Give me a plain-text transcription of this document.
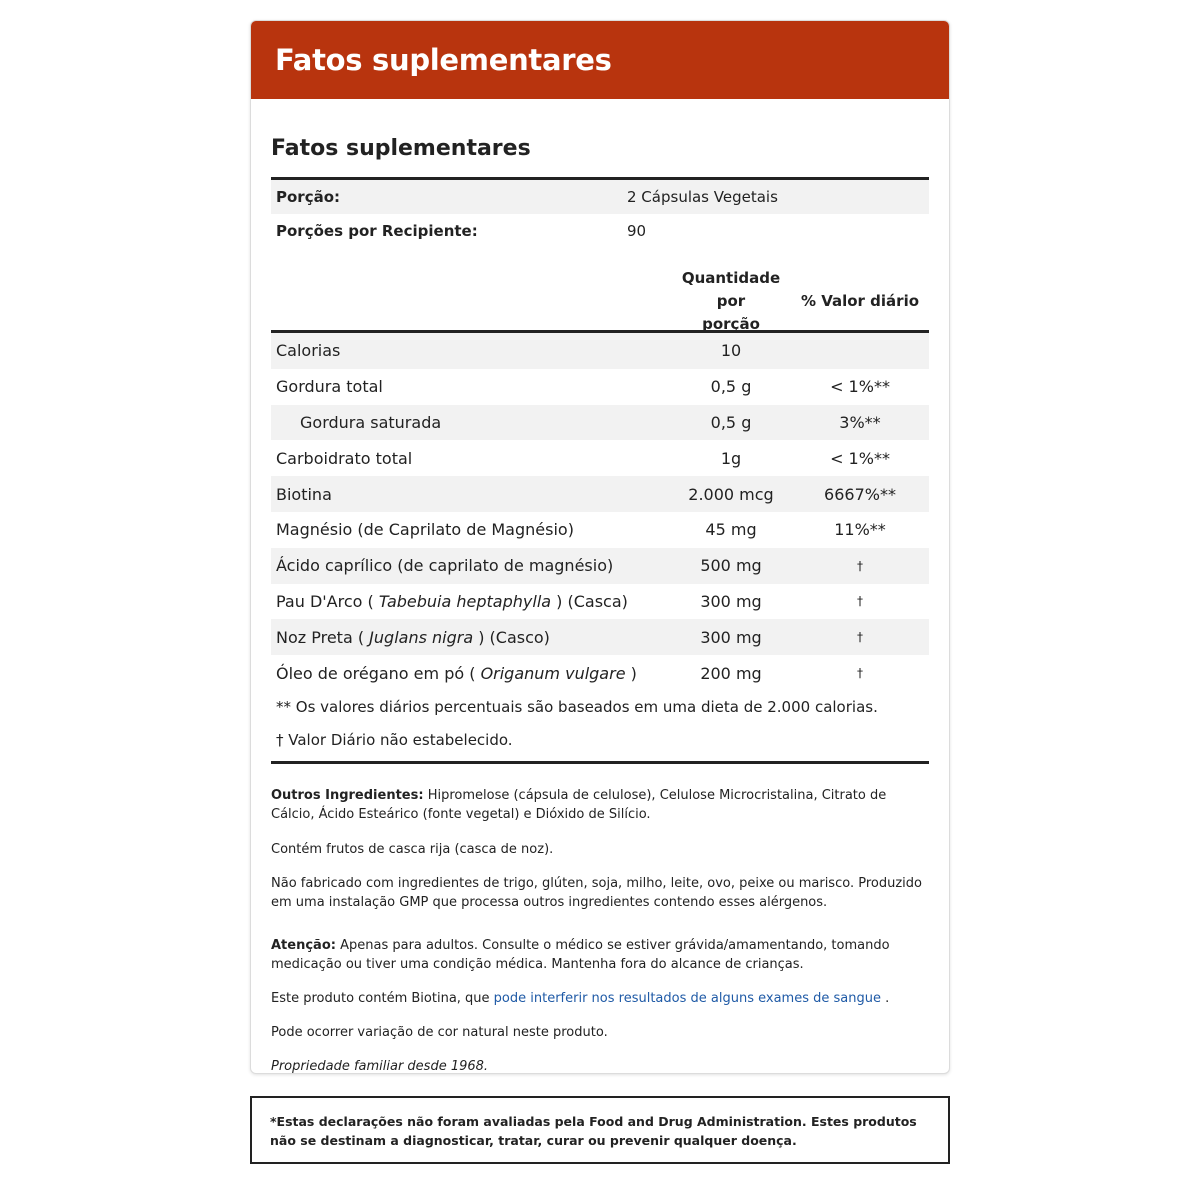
Fatos suplementares
Fatos suplementares
Porção:	2 Cápsulas Vegetais
Porções por Recipiente:	90
Quantidade por
porção
% Valor diário
Calorias	10
Gordura total	0,5 g	< 1%**
Gordura saturada	0,5 g	3%**
Carboidrato total	1g	< 1%**
Biotina	2.000 mcg	6667%**
Magnésio (de Caprilato de Magnésio)	45 mg	11%**
Ácido caprílico (de caprilato de magnésio)	500 mg	†
Pau D'Arco ( Tabebuia heptaphylla ) (Casca)	300 mg	†
Noz Preta ( Juglans nigra ) (Casco)	300 mg	†
Óleo de orégano em pó ( Origanum vulgare )	200 mg	†
** Os valores diários percentuais são baseados em uma dieta de 2.000 calorias.
† Valor Diário não estabelecido.

Outros Ingredientes: Hipromelose (cápsula de celulose), Celulose Microcristalina, Citrato de Cálcio, Ácido Esteárico (fonte vegetal) e Dióxido de Silício.

Contém frutos de casca rija (casca de noz).

Não fabricado com ingredientes de trigo, glúten, soja, milho, leite, ovo, peixe ou marisco. Produzido em uma instalação GMP que processa outros ingredientes contendo esses alérgenos.

Atenção: Apenas para adultos. Consulte o médico se estiver grávida/amamentando, tomando medicação ou tiver uma condição médica. Mantenha fora do alcance de crianças.

Este produto contém Biotina, que pode interferir nos resultados de alguns exames de sangue .

Pode ocorrer variação de cor natural neste produto.

Propriedade familiar desde 1968.

*Estas declarações não foram avaliadas pela Food and Drug Administration. Estes produtos não se destinam a diagnosticar, tratar, curar ou prevenir qualquer doença.
